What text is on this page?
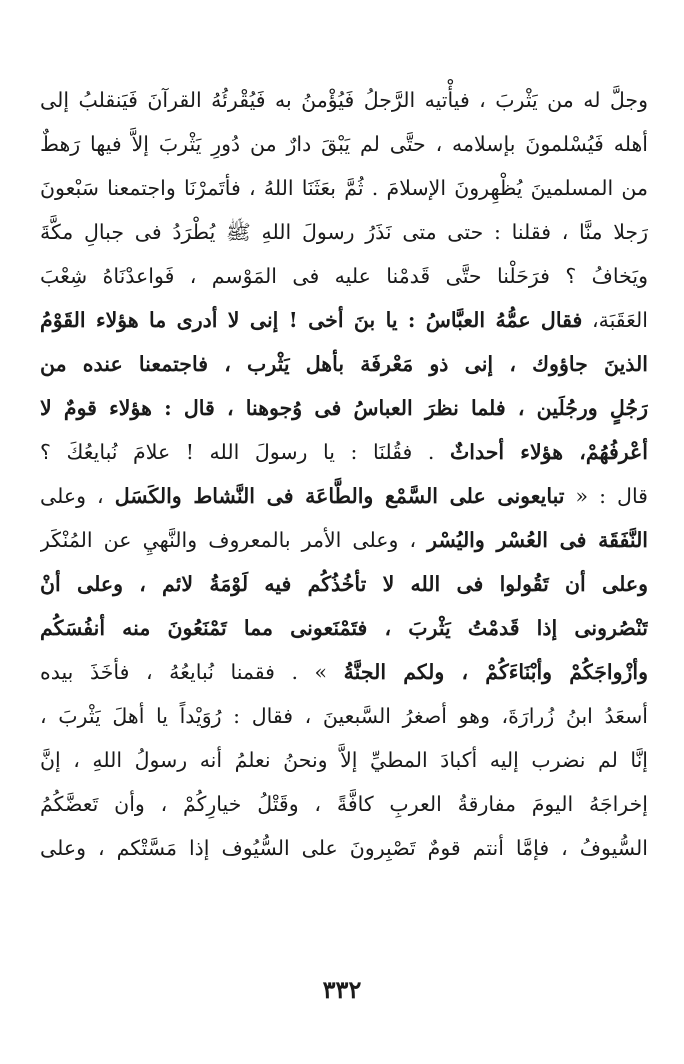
وجلَّ له من يَثْربَ ، فيأْتيه الرَّجلُ فَيُؤْمنُ به فَيُقْرئُهُ القرآنَ فَيَنقلبُ إلى
أهله فَيُسْلمونَ بإسلامه ، حتَّى لم يَبْقَ دارٌ من دُورِ يَثْربَ إلاَّ فيها رَهطٌ
من المسلمينَ يُظْهِرونَ الإسلامَ . ثُمَّ بعَثَنَا اللهُ ، فأتَمرْنَا واجتمعنا سَبْعونَ
رَجلا منَّا ، فقلنا : حتى متى نَذَرُ رسولَ اللهِ ﷺ يُطْرَدُ فى جبالِ مكَّةَ
ويَخافُ ؟ فرَحَلْنا حتَّى قَدمْنا عليه فى المَوْسم ، فَواعدْنَاهُ شِعْبَ
العَقَبَة، فقال عمُّهُ العبَّاسُ : يا بنَ أخى ! إنى لا أدرى ما هؤلاء القَوْمُ
الذينَ جاؤوك ، إنى ذو مَعْرفَة بأهل يَثْرب ، فاجتمعنا عنده من
رَجُلٍ ورجُلَين ، فلما نظرَ العباسُ فى وُجوهنا ، قال : هؤلاء قومٌ لا
أعْرفُهُمْ، هؤلاء أحداثٌ . فقُلنَا : يا رسولَ الله ! علامَ نُبايعُكَ ؟
قال : « تبايعونى على السَّمْع والطَّاعَة فى النَّشاط والكَسَل ، وعلى
النَّفَقَة فى العُسْر واليُسْر ، وعلى الأمر بالمعروف والنَّهيِ عن المُنْكَر
وعلى أن تَقُولوا فى الله لا تأخُذُكُم فيه لَوْمَةُ لائم ، وعلى أنْ
تَنْصُرونى إذا قَدمْتُ يَثْربَ ، فتَمْنَعونى مما تَمْنَعُونَ منه أنفُسَكُم
وأزْواجَكُمْ وأبْنَاءَكُمْ ، ولكم الجنَّةُ » . فقمنا نُبايعُهُ ، فأخَذَ بيده
أسعَدُ ابنُ زُرارَةَ، وهو أصغرُ السَّبعينَ ، فقال : رُوَيْداً يا أهلَ يَثْربَ ،
إنَّا لم نضرب إليه أكبادَ المطيِّ إلاَّ ونحنُ نعلمُ أنه رسولُ اللهِ ، إنَّ
إخراجَهُ اليومَ مفارقةُ العربِ كافَّةً ، وقَتْلُ خيارِكُمْ ، وأن تَعضَّكُمُ
السُّيوفُ ، فإمَّا أنتم قومٌ تَصْبِرونَ على السُّيُوف إذا مَسَّتْكم ، وعلى
٣٣٢
